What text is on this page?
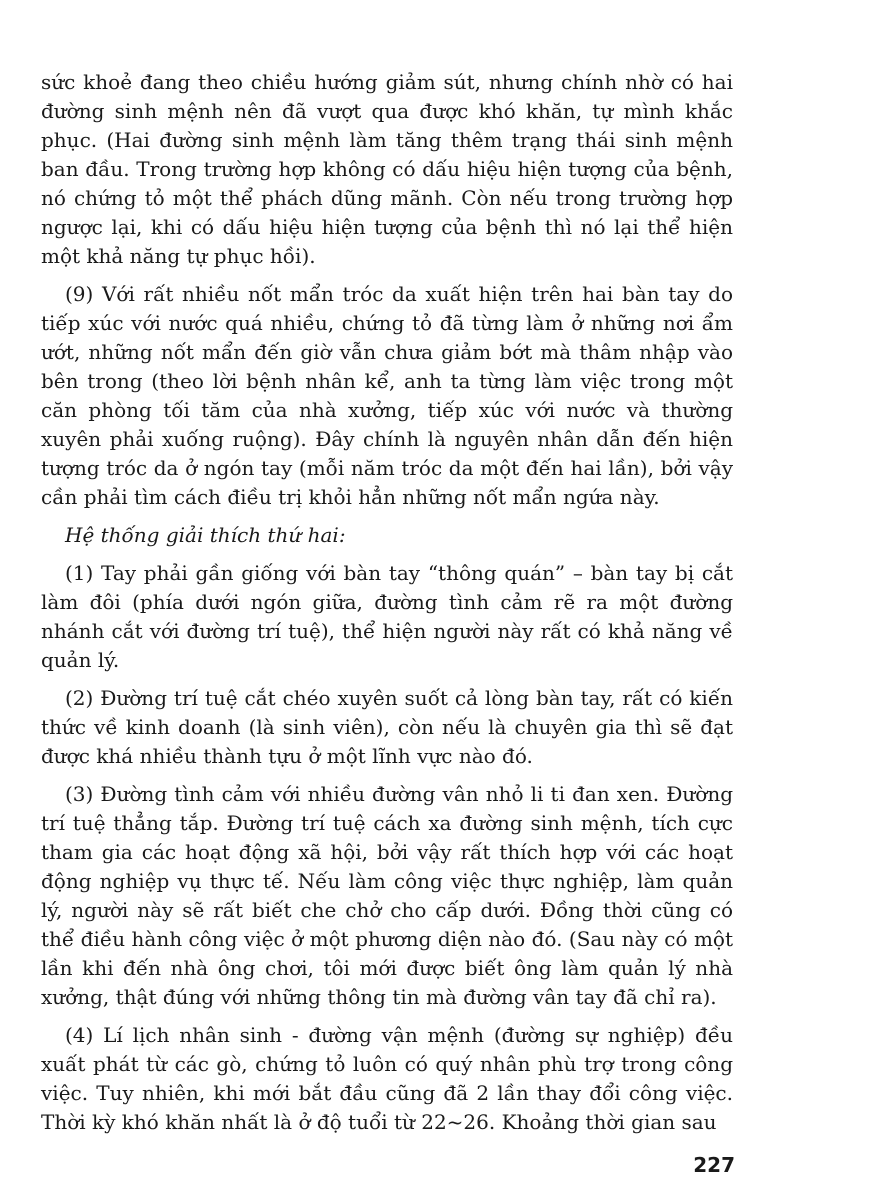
sức khoẻ đang theo chiều hướng giảm sút, nhưng chính nhờ có hai đường sinh mệnh nên đã vượt qua được khó khăn, tự mình khắc phục. (Hai đường sinh mệnh làm tăng thêm trạng thái sinh mệnh ban đầu. Trong trường hợp không có dấu hiệu hiện tượng của bệnh, nó chứng tỏ một thể phách dũng mãnh. Còn nếu trong trường hợp ngược lại, khi có dấu hiệu hiện tượng của bệnh thì nó lại thể hiện một khả năng tự phục hồi).

(9) Với rất nhiều nốt mẩn tróc da xuất hiện trên hai bàn tay do tiếp xúc với nước quá nhiều, chứng tỏ đã từng làm ở những nơi ẩm ướt, những nốt mẩn đến giờ vẫn chưa giảm bớt mà thâm nhập vào bên trong (theo lời bệnh nhân kể, anh ta từng làm việc trong một căn phòng tối tăm của nhà xưởng, tiếp xúc với nước và thường xuyên phải xuống ruộng). Đây chính là nguyên nhân dẫn đến hiện tượng tróc da ở ngón tay (mỗi năm tróc da một đến hai lần), bởi vậy cần phải tìm cách điều trị khỏi hẳn những nốt mẩn ngứa này.

Hệ thống giải thích thứ hai:

(1) Tay phải gần giống với bàn tay “thông quán” – bàn tay bị cắt làm đôi (phía dưới ngón giữa, đường tình cảm rẽ ra một đường nhánh cắt với đường trí tuệ), thể hiện người này rất có khả năng về quản lý.

(2) Đường trí tuệ cắt chéo xuyên suốt cả lòng bàn tay, rất có kiến thức về kinh doanh (là sinh viên), còn nếu là chuyên gia thì sẽ đạt được khá nhiều thành tựu ở một lĩnh vực nào đó.

(3) Đường tình cảm với nhiều đường vân nhỏ li ti đan xen. Đường trí tuệ thẳng tắp. Đường trí tuệ cách xa đường sinh mệnh, tích cực tham gia các hoạt động xã hội, bởi vậy rất thích hợp với các hoạt động nghiệp vụ thực tế. Nếu làm công việc thực nghiệp, làm quản lý, người này sẽ rất biết che chở cho cấp dưới. Đồng thời cũng có thể điều hành công việc ở một phương diện nào đó. (Sau này có một lần khi đến nhà ông chơi, tôi mới được biết ông làm quản lý nhà xưởng, thật đúng với những thông tin mà đường vân tay đã chỉ ra).

(4) Lí lịch nhân sinh - đường vận mệnh (đường sự nghiệp) đều xuất phát từ các gò, chứng tỏ luôn có quý nhân phù trợ trong công việc. Tuy nhiên, khi mới bắt đầu cũng đã 2 lần thay đổi công việc. Thời kỳ khó khăn nhất là ở độ tuổi từ 22~26. Khoảng thời gian sau

227
